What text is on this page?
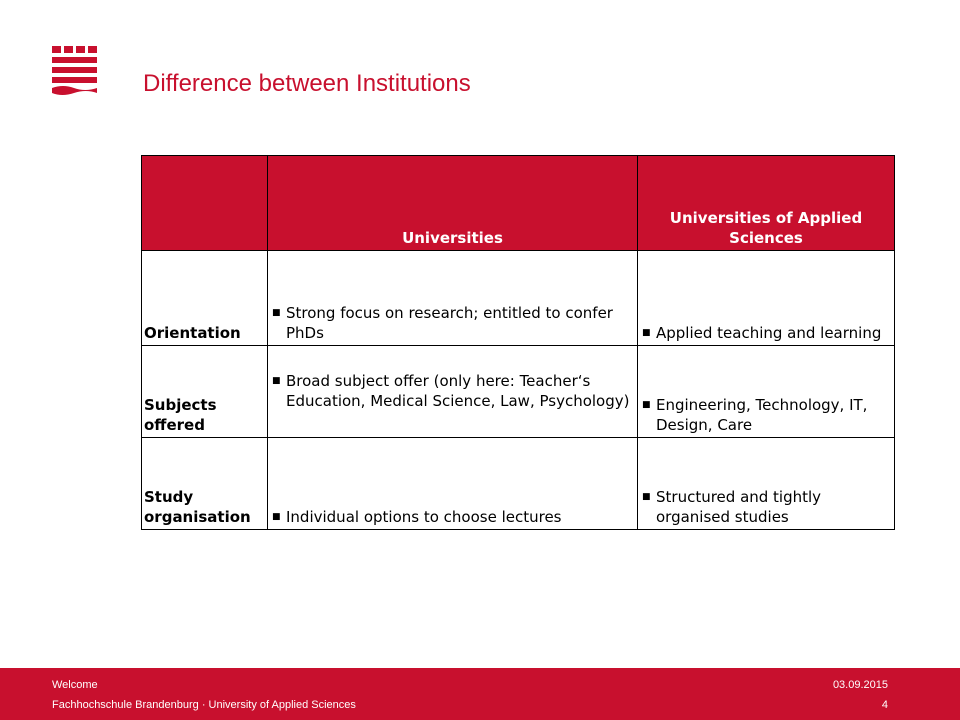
Difference between Institutions
	Universities	Universities of Applied Sciences
Orientation	■ Strong focus on research; entitled to confer PhDs	■ Applied teaching and learning

Subjects offered	■ Broad subject offer (only here: Teacher‘s Education, Medical Science, Law, Psychology)	■ Engineering, Technology, IT, Design, Care

Study organisation	■ Individual options to choose lectures	■ Structured and tightly organised studies
Welcome
Fachhochschule Brandenburg · University of Applied Sciences
03.09.2015
4
